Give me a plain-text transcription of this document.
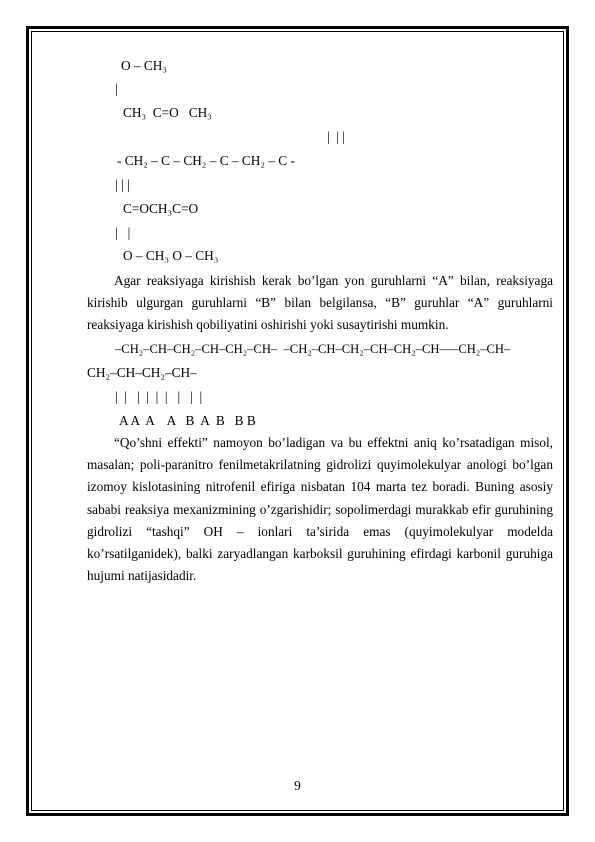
O – CH₃
|
CH₃  C=O   CH₃
|  | |
- CH₂ – C – CH₂ – C – CH₂ – C -
| | |
C=OCH₃C=O
|   |
O – CH₃ O – CH₃
Agar reaksiyaga kirishish kerak bo’lgan yon guruhlarni “A” bilan, reaksiyaga kirishib ulgurgan guruhlarni “B” bilan belgilansa, “B” guruhlar “A” guruhlarni reaksiyaga kirishish qobiliyatini oshirishi yoki susaytirishi mumkin.
–CH₂–CH–CH₂–CH–CH₂–CH–  –CH₂–CH–CH₂–CH–CH₂–CH–—CH₂–CH–
CH₂–CH–CH₂–CH–
|  |   |  |  |  |   |   |  |
A A  A    A   B  A  B   B B
“Qo’shni effekti” namoyon bo’ladigan va bu effektni aniq ko’rsatadigan misol, masalan; poli-paranitro fenilmetakrilatning gidrolizi quyimolekulyar anologi bo’lgan izomoy kislotasining nitrofenil efiriga nisbatan 104 marta tez boradi. Buning asosiy sababi reaksiya mexanizmining o’zgarishidir; sopolimerdagi murakkab efir guruhining gidrolizi “tashqi” OH – ionlari ta’sirida emas (quyimolekulyar modelda ko’rsatilganidek), balki zaryadlangan karboksil guruhining efirdagi karbonil guruhiga hujumi natijasidadir.
9
